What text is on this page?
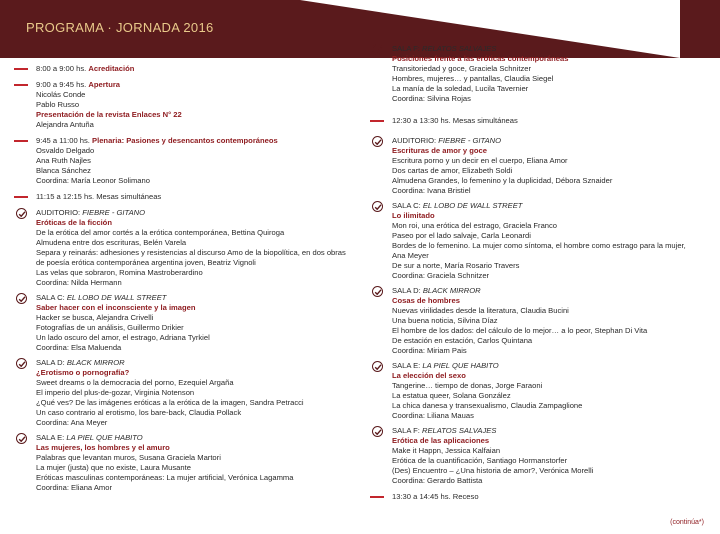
PROGRAMA · JORNADA 2016
8:00 a 9:00 hs. Acreditación
9:00 a 9:45 hs. Apertura
Nicolás Conde
Pablo Russo
Presentación de la revista Enlaces N° 22
Alejandra Antuña
9:45 a 11:00 hs. Plenaria: Pasiones y desencantos contemporáneos
Osvaldo Delgado
Ana Ruth Najles
Blanca Sánchez
Coordina: María Leonor Solimano
11:15 a 12:15 hs. Mesas simultáneas
AUDITORIO: FIEBRE - GITANO
Eróticas de la ficción
De la erótica del amor cortés a la erótica contemporánea, Bettina Quiroga
Almudena entre dos escrituras, Belén Varela
Separa y reinarás: adhesiones y resistencias al discurso Amo de la biopolítica, en dos obras
de poesía erótica contemporánea argentina joven, Beatriz Vignoli
Las velas que sobraron, Romina Mastroberardino
Coordina: Nilda Hermann
SALA C: EL LOBO DE WALL STREET
Saber hacer con el inconsciente y la imagen
Hacker se busca, Alejandra Crivelli
Fotografías de un análisis, Guillermo Drikier
Un lado oscuro del amor, el estrago, Adriana Tyrkiel
Coordina: Elsa Maluenda
SALA D: BLACK MIRROR
¿Erotismo o pornografía?
Sweet dreams o la democracia del porno, Ezequiel Argaña
El imperio del plus-de-gozar, Virginia Notenson
¿Qué ves? De las imágenes eróticas a la erótica de la imagen, Sandra Petracci
Un caso contrario al erotismo, los bare-back, Claudia Pollack
Coordina: Ana Meyer
SALA E: LA PIEL QUE HABITO
Las mujeres, los hombres y el amuro
Palabras que levantan muros, Susana Graciela Martori
La mujer (justa) que no existe, Laura Musante
Eróticas masculinas contemporáneas: La mujer artificial, Verónica Lagamma
Coordina: Eliana Amor
SALA F: RELATOS SALVAJES
Posiciones frente a las eróticas contemporáneas
Transitoriedad y goce, Graciela Schnitzer
Hombres, mujeres… y pantallas, Claudia Siegel
La manía de la soledad, Lucila Tavernier
Coordina: Silvina Rojas
12:30 a 13:30 hs. Mesas simultáneas
AUDITORIO: FIEBRE - GITANO
Escrituras de amor y goce
Escritura porno y un decir en el cuerpo, Eliana Amor
Dos cartas de amor, Elizabeth Soldi
Almudena Grandes, lo femenino y la duplicidad, Débora Sznaider
Coordina: Ivana Bristiel
SALA C: EL LOBO DE WALL STREET
Lo ilimitado
Mon roi, una erótica del estrago, Graciela Franco
Paseo por el lado salvaje, Carla Leonardi
Bordes de lo femenino. La mujer como síntoma, el hombre como estrago para la mujer,
Ana Meyer
De sur a norte, María Rosario Travers
Coordina: Graciela Schnitzer
SALA D: BLACK MIRROR
Cosas de hombres
Nuevas virilidades desde la literatura, Claudia Bucini
Una buena noticia, Silvina Díaz
El hombre de los dados: del cálculo de lo mejor… a lo peor, Stephan Di Vita
De estación en estación, Carlos Quintana
Coordina: Miriam Pais
SALA E: LA PIEL QUE HABITO
La elección del sexo
Tangerine… tiempo de donas, Jorge Faraoni
La estatua queer, Solana González
La chica danesa y transexualismo, Claudia Zampaglione
Coordina: Liliana Mauas
SALA F: RELATOS SALVAJES
Erótica de las aplicaciones
Make it Happn, Jessica Kalfaian
Erótica de la cuantificación, Santiago Hormanstorfer
(Des) Encuentro – ¿Una historia de amor?, Verónica Morelli
Coordina: Gerardo Battista
13:30 a 14:45 hs. Receso
(continúa*)
